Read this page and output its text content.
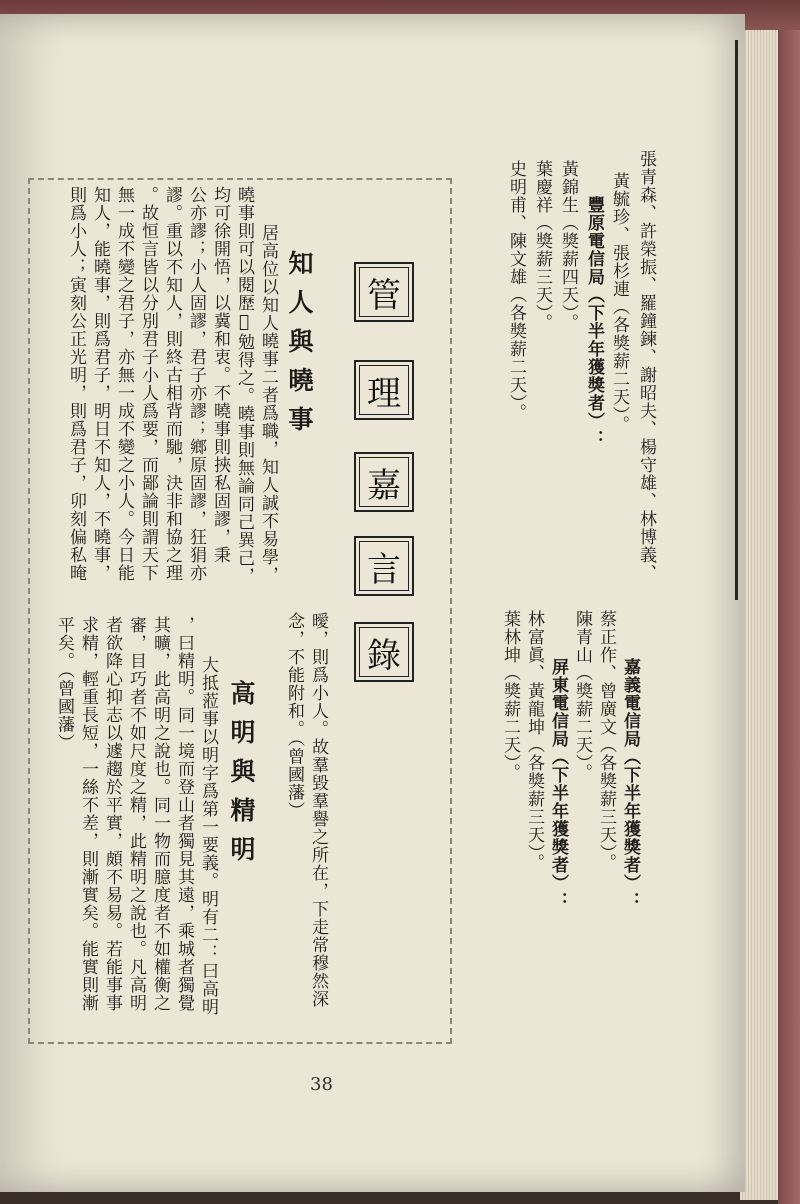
張青森、許榮振、羅鐘鍊、謝昭夫、楊守雄、林博義、
黃毓珍、張杉連（各獎薪二天）。
豐原電信局（下半年獲獎者）：
黃錦生（獎薪四天）。
葉慶祥（獎薪三天）。
史明甫、陳文雄（各獎薪二天）。
嘉義電信局（下半年獲獎者）：
蔡正作、曾廣文（各獎薪三天）。
陳青山（獎薪二天）。
屏東電信局（下半年獲獎者）：
林富眞、黃龍坤（各獎薪三天）。
葉林坤（獎薪二天）。
管
理
嘉
言
錄
知人與曉事
居高位以知人曉事二者爲職，知人誠不易學，
曉事則可以閱歷𤼵勉得之。曉事則無論同己異己，
均可徐開悟，以冀和衷。不曉事則挾私固謬，秉
公亦謬；小人固謬，君子亦謬；鄉原固謬，狂狷亦
謬。重以不知人，則終古相背而馳，決非和協之理
。故恒言皆以分別君子小人爲要，而鄙論則謂天下
無一成不變之君子，亦無一成不變之小人。今日能
知人，能曉事，則爲君子，明日不知人，不曉事，
則爲小人；寅刻公正光明，則爲君子，卯刻偏私晻
曖，則爲小人。故羣毀羣譽之所在，下走常穆然深
念，不能附和。（曾國藩）
高明與精明
大抵蒞事以明字爲第一要義。明有二：曰高明
，曰精明。同一境而登山者獨見其遠，乘城者獨覺
其曠，此高明之說也。同一物而臆度者不如權衡之
審，目巧者不如尺度之精，此精明之說也。凡高明
者欲降心抑志以遽趨於平實，頗不易易。若能事事
求精，輕重長短，一絲不差，則漸實矣。能實則漸
平矣。（曾國藩）
38
